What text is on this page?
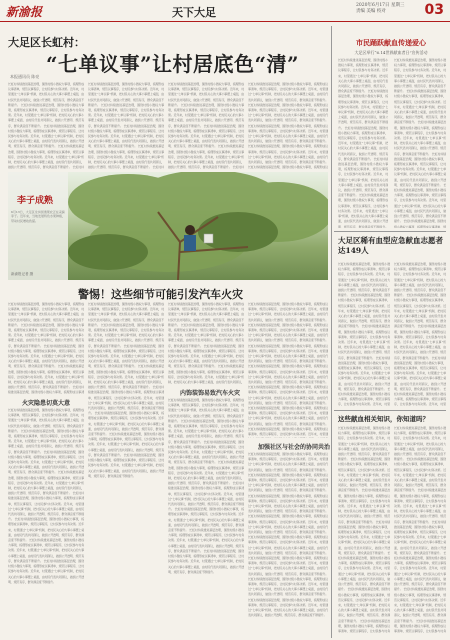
新渝报	天下大足
2020年6月17日 星期三
责编 美编 校对	03
大足区长虹村：
“七单议事”让村居底色“清”
本报通讯员 陈亮
长虹村持续推进基层治理，围绕村级小微权力事项，梳理形成议事清单，规范议事程序，让村民参与村务决策。近年来，村里通过“七单议事”机制，把村民关心的大事小事摆上桌面，由村民代表共同商议，做到公开透明、规范有序，群众满意度不断提升。 长虹村持续推进基层治理，围绕村级小微权力事项，梳理形成议事清单，规范议事程序，让村民参与村务决策。近年来，村里通过“七单议事”机制，把村民关心的大事小事摆上桌面，由村民代表共同商议，做到公开透明、规范有序，群众满意度不断提升。 长虹村持续推进基层治理，围绕村级小微权力事项，梳理形成议事清单，规范议事程序，让村民参与村务决策。近年来，村里通过“七单议事”机制，把村民关心的大事小事摆上桌面，由村民代表共同商议，做到公开透明、规范有序，群众满意度不断提升。 长虹村持续推进基层治理，围绕村级小微权力事项，梳理形成议事清单，规范议事程序，让村民参与村务决策。近年来，村里通过“七单议事”机制，把村民关心的大事小事摆上桌面，由村民代表共同商议，做到公开透明、规范有序，群众满意度不断提升。 长虹村持
长虹村持续推进基层治理，围绕村级小微权力事项，梳理形成议事清单，规范议事程序，让村民参与村务决策。近年来，村里通过“七单议事”机制，把村民关心的大事小事摆上桌面，由村民代表共同商议，做到公开透明、规范有序，群众满意度不断提升。 长虹村持续推进基层治理，围绕村级小微权力事项，梳理形成议事清单，规范议事程序，让村民参与村务决策。近年来，村里通过“七单议事”机制，把村民关心的大事小事摆上桌面，由村民代表共同商议，做到公开透明、规范有序，群众满意度不断提升。 长虹村持续推进基层治理，围绕村级小微权力事项，梳理形成议事清单，规范议事程序，让村民参与村务决策。近年来，村里通过“七单议事”机制，把村民关心的大事小事摆上桌面，由村民代表共同商议，做到公开透明、规范有序，群众满意度不断提升。 长虹村持续推进基层治理，围绕村级小微权力事项，梳理形成议事清单，规范议事程序，让村民参与村务决策。近年来，村里通过“七单议事”机制，把村民关心的大事小事摆上桌面，由村民代表共同商议，做到公开透明、规范有序，群众满意度不断提升。 长虹村持
长虹村持续推进基层治理，围绕村级小微权力事项，梳理形成议事清单，规范议事程序，让村民参与村务决策。近年来，村里通过“七单议事”机制，把村民关心的大事小事摆上桌面，由村民代表共同商议，做到公开透明、规范有序，群众满意度不断提升。 长虹村持续推进基层治理，围绕村级小微权力事项，梳理形成议事清单，规范议事程序，让村民参与村务决策。近年来，村里通过“七单议事”机制，把村民关心的大事小事摆上桌面，由村民代表共同商议，做到公开透明、规范有序，群众满意度不断提升。 长虹村持续推进基层治理，围绕村级小微权力事项，梳理形成议事清单，规范议事程序，让村民参与村务决策。近年来，村里通过“七单议事”机制，把村民关心的大事小事摆上桌面，由村民代表共同商议，做到公开透明、规范有序，群众满意度不断提升。 长虹村持续推进基层治理，围绕村级小微权力事项，梳理形成议事清单，规范议事程序，让村民参与村务决策。近年来，村里通过“七单议事”机制，把村民关心的大事小事摆上桌面，由村民代表共同商议，做到公开透明、规范有序，群众满意度不断提升。 长虹村持
长虹村持续推进基层治理，围绕村级小微权力事项，梳理形成议事清单，规范议事程序，让村民参与村务决策。近年来，村里通过“七单议事”机制，把村民关心的大事小事摆上桌面，由村民代表共同商议，做到公开透明、规范有序，群众满意度不断提升。 长虹村持续推进基层治理，围绕村级小微权力事项，梳理形成议事清单，规范议事程序，让村民参与村务决策。近年来，村里通过“七单议事”机制，把村民关心的大事小事摆上桌面，由村民代表共同商议，做到公开透明、规范有序，群众满意度不断提升。 长虹村持续推进基层治理，围绕村级小微权力事项，梳理形成议事清单，规范议事程序，让村民参与村务决策。近年来，村里通过“七单议事”机制，把村民关心的大事小事摆上桌面，由村民代表共同商议，做到公开透明、规范有序，群众满意度不断提升。 长虹村持续推进基层治理，围绕村级小微权力事项，梳理形成议事清单，规范议事程序，让村民参与村务决策。近年来，村里通过“七单议事”机制，把村民关心的大事小事摆上桌面，由村民代表共同商议，做到公开透明、规范有序，群众满意度不断提升。 长虹村持续推进基层治理，围绕村级小微权力事项，梳理形成议
李子成熟
6月13日，大足区龙岗街道果农正在采摘李子。近年来，当地发展特色水果种植，带动村民增收致富。
新渝报记者 摄
警惕！这些细节可能引发汽车火灾
长虹村持续推进基层治理，围绕村级小微权力事项，梳理形成议事清单，规范议事程序，让村民参与村务决策。近年来，村里通过“七单议事”机制，把村民关心的大事小事摆上桌面，由村民代表共同商议，做到公开透明、规范有序，群众满意度不断提升。 长虹村持续推进基层治理，围绕村级小微权力事项，梳理形成议事清单，规范议事程序，让村民参与村务决策。近年来，村里通过“七单议事”机制，把村民关心的大事小事摆上桌面，由村民代表共同商议，做到公开透明、规范有序，群众满意度不断提升。 长虹村持续推进基层治理，围绕村级小微权力事项，梳理形成议事清单，规范议事程序，让村民参与村务决策。近年来，村里通过“七单议事”机制，把村民关心的大事小事摆上桌面，由村民代表共同商议，做到公开透明、规范有序，群众满意度不断提升。 长虹村持续推进基层治理，围绕村级小微权力事项，梳理形成议事清单，规范议事程序，让村民参与村务决策。近年来，村里通过“七单议事”机制，把村民关心的大事小事摆上桌面，由村民代表共同商议，做到公开透明、规范有序，群众满意度不断提升。 长虹村持续推进基层治理，围绕村级小微权力事项，梳理形成议事清
火灾隐患切莫大意
长虹村持续推进基层治理，围绕村级小微权力事项，梳理形成议事清单，规范议事程序，让村民参与村务决策。近年来，村里通过“七单议事”机制，把村民关心的大事小事摆上桌面，由村民代表共同商议，做到公开透明、规范有序，群众满意度不断提升。 长虹村持续推进基层治理，围绕村级小微权力事项，梳理形成议事清单，规范议事程序，让村民参与村务决策。近年来，村里通过“七单议事”机制，把村民关心的大事小事摆上桌面，由村民代表共同商议，做到公开透明、规范有序，群众满意度不断提升。 长虹村持续推进基层治理，围绕村级小微权力事项，梳理形成议事清单，规范议事程序，让村民参与村务决策。近年来，村里通过“七单议事”机制，把村民关心的大事小事摆上桌面，由村民代表共同商议，做到公开透明、规范有序，群众满意度不断提升。 长虹村持续推进基层治理，围绕村级小微权力事项，梳理形成议事清单，规范议事程序，让村民参与村务决策。近年来，村里通过“七单议事”机制，把村民关心的大事小事摆上桌面，由村民代表共同商议，做到公开透明、规范有序，群众满意度不断提升。 长虹村持续推进基层治理，围绕村级小微权力事项，梳理形成议事清单，规范议事程序，让村民参与村务决策。近年来，村里通过“七单议事”机制，把村民关心的大事小事摆上桌面，由村民代表共同商议，做到公开透明、规范有序，群众满意度不断提升。 长虹村持续推进基层治理，围绕村级小微权力事项，梳理形成议事清单，规范议事程序，让村民参与村务决策。近年来，村里通过“七单议事”机制，把村民关心的大事小事摆上桌面，由村民代表共同商议，做到公开透明、规范有序，群众满意度不断提升。 长虹村持续推进基层治理，围绕村级小微权力事项，梳理形成议事清单，规范议事程序，让村民参与村务决策。近年来，村里通过“七单议事”机制，把村民关心的大事小事摆上桌面，由村民代表共同商议，做到公开透明、规范有序，群众满意度不断提升。 长虹村持续推进基层治理，围绕村级小微权力事项，梳理形成议事清单，规范议事程序，让村民参与村务决策。近年来，村里通过“七单议事”机制，把村民关心的大事小事摆上桌面，由村民代表共同商议，做到公开透明、规范有序，群众满意度不断提升。
长虹村持续推进基层治理，围绕村级小微权力事项，梳理形成议事清单，规范议事程序，让村民参与村务决策。近年来，村里通过“七单议事”机制，把村民关心的大事小事摆上桌面，由村民代表共同商议，做到公开透明、规范有序，群众满意度不断提升。 长虹村持续推进基层治理，围绕村级小微权力事项，梳理形成议事清单，规范议事程序，让村民参与村务决策。近年来，村里通过“七单议事”机制，把村民关心的大事小事摆上桌面，由村民代表共同商议，做到公开透明、规范有序，群众满意度不断提升。 长虹村持续推进基层治理，围绕村级小微权力事项，梳理形成议事清单，规范议事程序，让村民参与村务决策。近年来，村里通过“七单议事”机制，把村民关心的大事小事摆上桌面，由村民代表共同商议，做到公开透明、规范有序，群众满意度不断提升。 长虹村持续推进基层治理，围绕村级小微权力事项，梳理形成议事清单，规范议事程序，让村民参与村务决策。近年来，村里通过“七单议事”机制，把村民关心的大事小事摆上桌面，由村民代表共同商议，做到公开透明、规范有序，群众满意度不断提升。 长虹村持续推进基层治理，围绕村级小微权力事项，梳理形成议事清单，规范议事程序，让村民参与村务决策。近年来，村里通过“七单议事”机制，把村民关心的大事小事摆上桌面，由村民代表共同商议，做到公开透明、规范有序，群众满意度不断提升。 长虹村持续推进基层治理，围绕村级小微权力事项，梳理形成议事清单，规范议事程序，让村民参与村务决策。近年来，村里通过“七单议事”机制，把村民关心的大事小事摆上桌面，由村民代表共同商议，做到公开透明、规范有序，群众满意度不断提升。 长虹村持续推进基层治理，围绕村级小微权力事项，梳理形成议事清单，规范议事程序，让村民参与村务决策。近年来，村里通过“七单议事”机制，把村民关心的大事小事摆上桌面，由村民代表共同商议，做到公开透明、规范有序，群众满意度不断提升。 长虹村持续推进基层治理，围绕村级小微权力事项，梳理形成议事清单，规范议事程序，让村民参与村务决策。近年来，村里通过“七单议事”机制，把村民关心的大事小事摆上桌面，由村民代表共同商议，做到公开透明、规范有序，群众满意度不断提升。
长虹村持续推进基层治理，围绕村级小微权力事项，梳理形成议事清单，规范议事程序，让村民参与村务决策。近年来，村里通过“七单议事”机制，把村民关心的大事小事摆上桌面，由村民代表共同商议，做到公开透明、规范有序，群众满意度不断提升。 长虹村持续推进基层治理，围绕村级小微权力事项，梳理形成议事清单，规范议事程序，让村民参与村务决策。近年来，村里通过“七单议事”机制，把村民关心的大事小事摆上桌面，由村民代表共同商议，做到公开透明、规范有序，群众满意度不断提升。 长虹村持续推进基层治理，围绕村级小微权力事项，梳理形成议事清单，规范议事程序，让村民参与村务决策。近年来，村里通过“七单议事”机制，把村民关心的大事小事摆上桌面，由村民代表共同商议，做到公开透明、规范有序，群众满意度不断提升。 长虹村持续推进基层治理，围绕村级小微权力事项，梳理形成议事清单，规范议事程序，让村民参与村务决策。近年来，村里通过“七单议事”机制，把村民关心的大事小事摆上桌面，由村民代表共同商议，
内饰装饰易致汽车火灾
长虹村持续推进基层治理，围绕村级小微权力事项，梳理形成议事清单，规范议事程序，让村民参与村务决策。近年来，村里通过“七单议事”机制，把村民关心的大事小事摆上桌面，由村民代表共同商议，做到公开透明、规范有序，群众满意度不断提升。 长虹村持续推进基层治理，围绕村级小微权力事项，梳理形成议事清单，规范议事程序，让村民参与村务决策。近年来，村里通过“七单议事”机制，把村民关心的大事小事摆上桌面，由村民代表共同商议，做到公开透明、规范有序，群众满意度不断提升。 长虹村持续推进基层治理，围绕村级小微权力事项，梳理形成议事清单，规范议事程序，让村民参与村务决策。近年来，村里通过“七单议事”机制，把村民关心的大事小事摆上桌面，由村民代表共同商议，做到公开透明、规范有序，群众满意度不断提升。 长虹村持续推进基层治理，围绕村级小微权力事项，梳理形成议事清单，规范议事程序，让村民参与村务决策。近年来，村里通过“七单议事”机制，把村民关心的大事小事摆上桌面，由村民代表共同商议，做到公开透明、规范有序，群众满意度不断提升。 长虹村持续推进基层治理，围绕村级小微权力事项，梳理形成议事清单，规范议事程序，让村民参与村务决策。近年来，村里通过“七单议事”机制，把村民关心的大事小事摆上桌面，由村民代表共同商议，做到公开透明、规范有序，群众满意度不断提升。 长虹村持续推进基层治理，围绕村级小微权力事项，梳理形成议事清单，规范议事程序，让村民参与村务决策。近年来，村里通过“七单议事”机制，把村民关心的大事小事摆上桌面，由村民代表共同商议，做到公开透明、规范有序，群众满意度不断提升。 长虹村持续推进基层治理，围绕村级小微权力事项，梳理形成议事清单，规范议事程序，让村民参与村务决策。近年来，村里通过“七单议事”机制，把村民关心的大事小事摆上桌面，由村民代表共同商议，做到公开透明、规范有序，群众满意度不断提升。 长虹村持续推进基层治理，围绕村级小微权力事项，梳理形成议事清单，规范议事程序，让村民参与村务决策。近年来，村里通过“七单议事”机制，把村民关心的大事小事摆上桌面，由村民代表共同商议，做到公开透明、规范有序，群众满意度不断提升。
长虹村持续推进基层治理，围绕村级小微权力事项，梳理形成议事清单，规范议事程序，让村民参与村务决策。近年来，村里通过“七单议事”机制，把村民关心的大事小事摆上桌面，由村民代表共同商议，做到公开透明、规范有序，群众满意度不断提升。 长虹村持续推进基层治理，围绕村级小微权力事项，梳理形成议事清单，规范议事程序，让村民参与村务决策。近年来，村里通过“七单议事”机制，把村民关心的大事小事摆上桌面，由村民代表共同商议，做到公开透明、规范有序，群众满意度不断提升。 长虹村持续推进基层治理，围绕村级小微权力事项，梳理形成议事清单，规范议事程序，让村民参与村务决策。近年来，村里通过“七单议事”机制，把村民关心的大事小事摆上桌面，由村民代表共同商议，做到公开透明、规范有序，群众满意度不断提升。 长虹村持续推进基层治理，围绕村级小微权力事项，梳理形成议事清单，规范议事程序，让村民参与村务决策。近年来，村里通过“七单议事”机制，把村民关心的大事小事摆上桌面，由村民代表共同商议，做到公开透明、规范有序，群众满意度不断提升。 长虹村持续推进基层治理，围绕村级小微权力事项，梳理形成议事清单，规范议事程序，让村民参与村务决策。近年来，村里通过“七单议事”机制，把村民关心的大事小事摆上桌面，由村民代表共同商议，做到公开透明、规范有序，群众满意度不断提升。 长虹村持续推进基层治理，围绕村级小微权力事项，梳理形成议事清单，规范议事程序，让村民参与村务决策。近年来，村里通过“七单议事”机制，把村民关心的大事小事摆上桌面，由村民代表共同商议，做到公开透明、规范有序，群众满意度不断提升。 长虹村持续推进基层治理，围绕村级小微权力事项，梳理形成议事清单，规范议事程序，让村民参与村务决策。近年来，村里通
加强社区与社会的协同共治
长虹村持续推进基层治理，围绕村级小微权力事项，梳理形成议事清单，规范议事程序，让村民参与村务决策。近年来，村里通过“七单议事”机制，把村民关心的大事小事摆上桌面，由村民代表共同商议，做到公开透明、规范有序，群众满意度不断提升。 长虹村持续推进基层治理，围绕村级小微权力事项，梳理形成议事清单，规范议事程序，让村民参与村务决策。近年来，村里通过“七单议事”机制，把村民关心的大事小事摆上桌面，由村民代表共同商议，做到公开透明、规范有序，群众满意度不断提升。 长虹村持续推进基层治理，围绕村级小微权力事项，梳理形成议事清单，规范议事程序，让村民参与村务决策。近年来，村里通过“七单议事”机制，把村民关心的大事小事摆上桌面，由村民代表共同商议，做到公开透明、规范有序，群众满意度不断提升。 长虹村持续推进基层治理，围绕村级小微权力事项，梳理形成议事清单，规范议事程序，让村民参与村务决策。近年来，村里通过“七单议事”机制，把村民关心的大事小事摆上桌面，由村民代表共同商议，做到公开透明、规范有序，群众满意度不断提升。 长虹村持续推进基层治理，围绕村级小微权力事项，梳理形成议事清单，规范议事程序，让村民参与村务决策。近年来，村里通过“七单议事”机制，把村民关心的大事小事摆上桌面，由村民代表共同商议，做到公开透明、规范有序，群众满意度不断提升。 长虹村持续推进基层治理，围绕村级小微权力事项，梳理形成议事清单，规范议事程序，让村民参与村务决策。近年来，村里通过“七单议事”机制，把村民关心的大事小事摆上桌面，由村民代表共同商议，做到公开透明、规范有序，群众满意度不断提升。 长虹村持续推进基层治理，围绕村级小微权力事项，梳理形成议事清单，规范议事程序，让村民参与村务决策。近年来，村里通过“七单议事”机制，把村民关心的大事小事摆上桌面，由村民代表共同商议，做到公开透明、规范有序，群众满意度不断提升。 长虹村持续推进基层治理，围绕村级小微权力事项，梳理形成议事清单，规范议事程序，让村民参与村务决策。近年来，村里通过“七单议事”机制，把村民关心的大事小事摆上桌面，由村民代表共同商议，做到公开透明、规范有序，群众满意度不断提升。
市民踊跃献血传递爱心
大足区举行“6.14世界献血者日”宣传活动
长虹村持续推进基层治理，围绕村级小微权力事项，梳理形成议事清单，规范议事程序，让村民参与村务决策。近年来，村里通过“七单议事”机制，把村民关心的大事小事摆上桌面，由村民代表共同商议，做到公开透明、规范有序，群众满意度不断提升。 长虹村持续推进基层治理，围绕村级小微权力事项，梳理形成议事清单，规范议事程序，让村民参与村务决策。近年来，村里通过“七单议事”机制，把村民关心的大事小事摆上桌面，由村民代表共同商议，做到公开透明、规范有序，群众满意度不断提升。 长虹村持续推进基层治理，围绕村级小微权力事项，梳理形成议事清单，规范议事程序，让村民参与村务决策。近年来，村里通过“七单议事”机制，把村民关心的大事小事摆上桌面，由村民代表共同商议，做到公开透明、规范有序，群众满意度不断提升。 长虹村持续推进基层治理，围绕村级小微权力事项，梳理形成议事清单，规范议事程序，让村民参与村务决策。近年来，村里通过“七单议事”机制，把村民关心的大事小事摆上桌面，由村民代表共同商议，做到公开透明、规范有序，群众满意度不断提升。 长虹村持续推进基层治理，围绕村级小微权力事项，梳理形成议事清单，规范议事程序，让村民参与村务决策。近年来，村里通过“七单议事”机制，把村民关心的大事小事摆上桌面，由村民代表共同商议，做到公开透明、规范有序，群众满意度不断提升。
长虹村持续推进基层治理，围绕村级小微权力事项，梳理形成议事清单，规范议事程序，让村民参与村务决策。近年来，村里通过“七单议事”机制，把村民关心的大事小事摆上桌面，由村民代表共同商议，做到公开透明、规范有序，群众满意度不断提升。 长虹村持续推进基层治理，围绕村级小微权力事项，梳理形成议事清单，规范议事程序，让村民参与村务决策。近年来，村里通过“七单议事”机制，把村民关心的大事小事摆上桌面，由村民代表共同商议，做到公开透明、规范有序，群众满意度不断提升。 长虹村持续推进基层治理，围绕村级小微权力事项，梳理形成议事清单，规范议事程序，让村民参与村务决策。近年来，村里通过“七单议事”机制，把村民关心的大事小事摆上桌面，由村民代表共同商议，做到公开透明、规范有序，群众满意度不断提升。 长虹村持续推进基层治理，围绕村级小微权力事项，梳理形成议事清单，规范议事程序，让村民参与村务决策。近年来，村里通过“七单议事”机制，把村民关心的大事小事摆上桌面，由村民代表共同商议，做到公开透明、规范有序，群众满意度不断提升。 长虹村持续推进基层治理，围绕村级小微权力事项，梳理形成议事清单，规范议事程序，让村民参与村务决策。近年来，村里通过“七单议事”机制，把村民关心的大事小事摆上桌面，由村民代表共同商议，做到公开透明、规范有序，群众满意度不断提升。 长虹村持续推进基层治理，围绕村级小微权力事项，梳理形成议事清单，规
大足区稀有血型应急献血志愿者达149人
长虹村持续推进基层治理，围绕村级小微权力事项，梳理形成议事清单，规范议事程序，让村民参与村务决策。近年来，村里通过“七单议事”机制，把村民关心的大事小事摆上桌面，由村民代表共同商议，做到公开透明、规范有序，群众满意度不断提升。 长虹村持续推进基层治理，围绕村级小微权力事项，梳理形成议事清单，规范议事程序，让村民参与村务决策。近年来，村里通过“七单议事”机制，把村民关心的大事小事摆上桌面，由村民代表共同商议，做到公开透明、规范有序，群众满意度不断提升。 长虹村持续推进基层治理，围绕村级小微权力事项，梳理形成议事清单，规范议事程序，让村民参与村务决策。近年来，村里通过“七单议事”机制，把村民关心的大事小事摆上桌面，由村民代表共同商议，做到公开透明、规范有序，群众满意度不断提升。 长虹村持续推进基层治理，围绕村级小微权力事项，梳理形成议事清单，规范议事程序，让村民参与村务决策。近年来，村里通过“七单议事”机制，把村民关心的大事小事摆上桌面，由村民代表共同商议，做到公开透明、规范有序，群众满意度不断提升。 长虹村持续推进基层治理，围绕村级小微权力事项，梳理形成议事清单，规范议事程序，让村民参与村务决策。近年来，村里
长虹村持续推进基层治理，围绕村级小微权力事项，梳理形成议事清单，规范议事程序，让村民参与村务决策。近年来，村里通过“七单议事”机制，把村民关心的大事小事摆上桌面，由村民代表共同商议，做到公开透明、规范有序，群众满意度不断提升。 长虹村持续推进基层治理，围绕村级小微权力事项，梳理形成议事清单，规范议事程序，让村民参与村务决策。近年来，村里通过“七单议事”机制，把村民关心的大事小事摆上桌面，由村民代表共同商议，做到公开透明、规范有序，群众满意度不断提升。 长虹村持续推进基层治理，围绕村级小微权力事项，梳理形成议事清单，规范议事程序，让村民参与村务决策。近年来，村里通过“七单议事”机制，把村民关心的大事小事摆上桌面，由村民代表共同商议，做到公开透明、规范有序，群众满意度不断提升。 长虹村持续推进基层治理，围绕村级小微权力事项，梳理形成议事清单，规范议事程序，让村民参与村务决策。近年来，村里通过“七单议事”机制，把村民关心的大事小事摆上桌面，由村民代表共同商议，做到公开透明、规范有序，群众满意度不断提升。 长虹村持续推进基层治理，围绕村级小微权力事项，梳理形成议事清单，规范议事程序，让村民参与村务决策。近年来，村里
这些献血相关知识，你知道吗？
长虹村持续推进基层治理，围绕村级小微权力事项，梳理形成议事清单，规范议事程序，让村民参与村务决策。近年来，村里通过“七单议事”机制，把村民关心的大事小事摆上桌面，由村民代表共同商议，做到公开透明、规范有序，群众满意度不断提升。 长虹村持续推进基层治理，围绕村级小微权力事项，梳理形成议事清单，规范议事程序，让村民参与村务决策。近年来，村里通过“七单议事”机制，把村民关心的大事小事摆上桌面，由村民代表共同商议，做到公开透明、规范有序，群众满意度不断提升。 长虹村持续推进基层治理，围绕村级小微权力事项，梳理形成议事清单，规范议事程序，让村民参与村务决策。近年来，村里通过“七单议事”机制，把村民关心的大事小事摆上桌面，由村民代表共同商议，做到公开透明、规范有序，群众满意度不断提升。 长虹村持续推进基层治理，围绕村级小微权力事项，梳理形成议事清单，规范议事程序，让村民参与村务决策。近年来，村里通过“七单议事”机制，把村民关心的大事小事摆上桌面，由村民代表共同商议，做到公开透明、规范有序，群众满意度不断提升。 长虹村持续推进基层治理，围绕村级小微权力事项，梳理形成议事清单，规范议事程序，让村民参与村务决策。近年来，村里通过“七单议事”机制，把村民关心的大事小事摆上桌面，由村民代表共同商议，做到公开透明、规范有序，群众满意度不断提升。 长虹村持续推进基层治理，围绕村级小微权力事项，梳理形成议事清单，规范议事程序，让村民参与村务决策。近年来，村里通过“七单议事”机制，把村民关心的大事小事摆上桌面，由村民代表共同商议，做到公开透明、规范有序，群众满意度不断提升。 长虹村持续推进基层治理，围绕村级小微权力事项，梳理形成议事清单，规范议事程序，让村民参与村务
长虹村持续推进基层治理，围绕村级小微权力事项，梳理形成议事清单，规范议事程序，让村民参与村务决策。近年来，村里通过“七单议事”机制，把村民关心的大事小事摆上桌面，由村民代表共同商议，做到公开透明、规范有序，群众满意度不断提升。 长虹村持续推进基层治理，围绕村级小微权力事项，梳理形成议事清单，规范议事程序，让村民参与村务决策。近年来，村里通过“七单议事”机制，把村民关心的大事小事摆上桌面，由村民代表共同商议，做到公开透明、规范有序，群众满意度不断提升。 长虹村持续推进基层治理，围绕村级小微权力事项，梳理形成议事清单，规范议事程序，让村民参与村务决策。近年来，村里通过“七单议事”机制，把村民关心的大事小事摆上桌面，由村民代表共同商议，做到公开透明、规范有序，群众满意度不断提升。 长虹村持续推进基层治理，围绕村级小微权力事项，梳理形成议事清单，规范议事程序，让村民参与村务决策。近年来，村里通过“七单议事”机制，把村民关心的大事小事摆上桌面，由村民代表共同商议，做到公开透明、规范有序，群众满意度不断提升。 长虹村持续推进基层治理，围绕村级小微权力事项，梳理形成议事清单，规范议事程序，让村民参与村务决策。近年来，村里通过“七单议事”机制，把村民关心的大事小事摆上桌面，由村民代表共同商议，做到公开透明、规范有序，群众满意度不断提升。 长虹村持续推进基层治理，围绕村级小微权力事项，梳理形成议事清单，规范议事程序，让村民参与村务决策。近年来，村里通过“七单议事”机制，把村民关心的大事小事摆上桌面，由村民代表共同商议，做到公开透明、规范有序，群众满意度不断提升。 长虹村持续推进基层治理，围绕村级小微权力事项，梳理形成议事清单，规范议事程序，让村民参与村务
